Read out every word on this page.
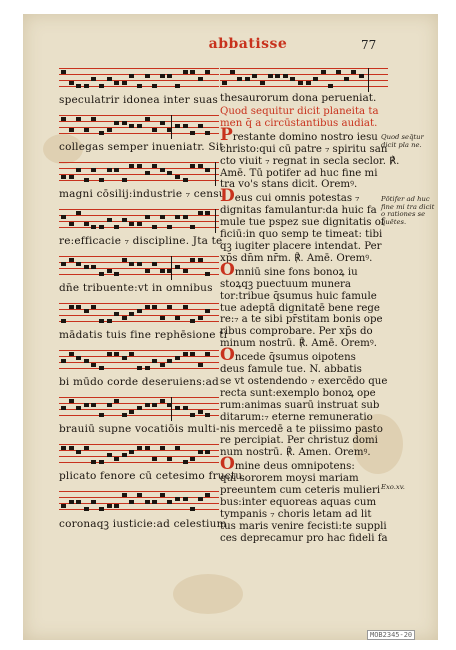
abbatisse	77
speculatrir idonea inter suas
collegas semper inueniatr. Sit
magni cōsilij:industrie ₇ censu
re:efficacie ₇ discipline. Jta te
dn̄e tribuente:vt in omnibus
mādatis tuis fine rephēsione ti
bi mūdo corde deseruiens:ad
brauiū supne vocatiōis multi-
plicato fenore cū cetesimo fructu
coronaqꝫ iusticie:ad celestium
thesaurorum dona perueniat.
Quod sequitur dicit planeita ta
men q̄ a circūstantibus audiat.
Prestante domino nostro iesu
christo:qui cū patre ₇ spiritu san
cto viuit ₇ regnat in secla seclor. ℟.
Amē. Tū potifer ad huc fine mi
tra vo's stans dicit. Oremꝰ.
Deus cui omnis potestas ₇
dignitas famulantur:da huic fa
mule tue pspez sue dignitatis of
ficiū:in quo semp te timeat: tibi
qꝫ iugiter placere intendat. Per
xp̄s dn̄m nr̄m. ℟. Amē. Oremꝰ.
Omniū sine fons bonoꝝ iu
stoꝝqꝫ puectuum munera
tor:tribue q̄sumus huic famule
tue adeptā dignitatē bene rege
re:₇ a te sibi pr̄stitam bonis ope
ribus comprobare. Per xp̄s do
minum nostrū. ℟. Amē. Oremꝰ.
Oncede q̄sumus oipotens
deus famule tue. N. abbatis
se vt ostendendo ₇ exercēdo que
recta sunt:exemplo bonoꝝ ope
rum:animas suarū instruat sub
ditarum:₇ eterne remuneratio
nis mercedē a te piissimo pasto
re percipiat. Per christuz domi
num nostrū. ℟. Amen. Oremꝰ.
Omine deus omnipotens:
qui sororem moysi mariam
preeuntem cum ceteris mulieri
bus:inter equoreas aquas cum
tympanis ₇ choris letam ad lit
tus maris venire fecisti:te suppli
ces deprecamur pro hac fideli fa
Quod seq̄tur dicit pla ne.
Pōtifer ad huc fine mi tra dicit o rationes se quētes.
Exo.xv.
MOB2345-20
